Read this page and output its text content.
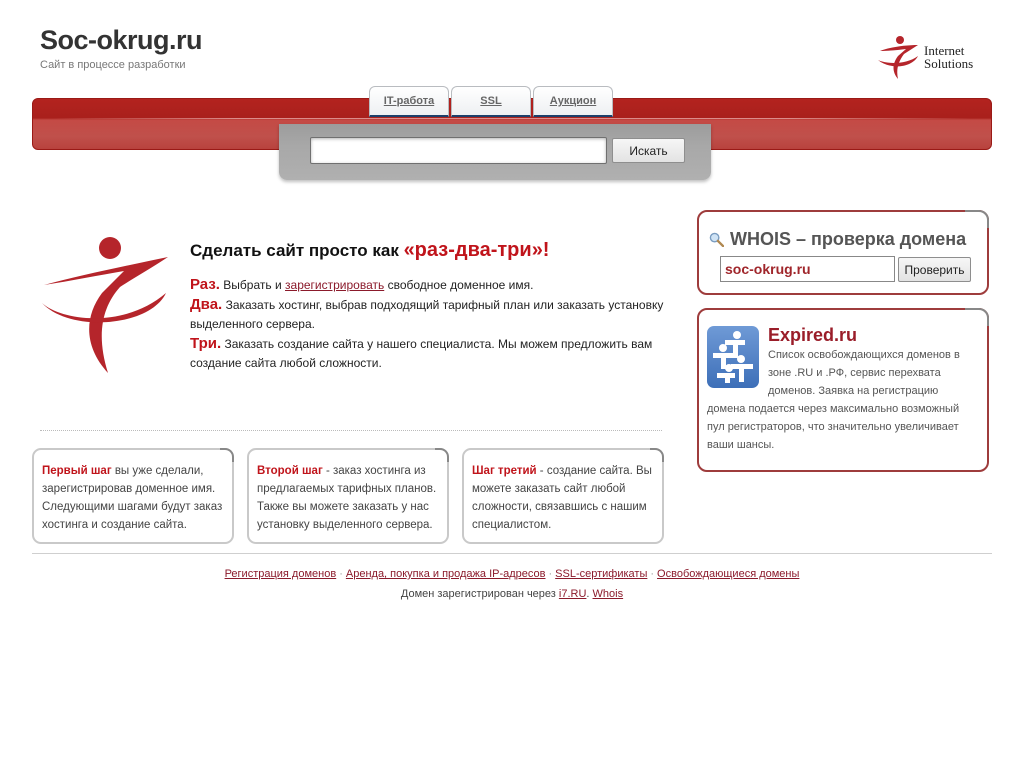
Soc-okrug.ru
Сайт в процессе разработки
Internet
Solutions
IT-работа	SSL	Аукцион
Искать
Сделать сайт просто как «раз-два-три»!
Раз. Выбрать и зарегистрировать свободное доменное имя.
Два. Заказать хостинг, выбрав подходящий тарифный план или заказать установку выделенного сервера.
Три. Заказать создание сайта у нашего специалиста. Мы можем предложить вам создание сайта любой сложности.
Первый шаг вы уже сделали, зарегистрировав доменное имя. Следующими шагами будут заказ хостинга и создание сайта.
Второй шаг - заказ хостинга из предлагаемых тарифных планов. Также вы можете заказать у нас установку выделенного сервера.
Шаг третий - создание сайта. Вы можете заказать сайт любой сложности, связавшись с нашим специалистом.
WHOIS – проверка домена
soc-okrug.ru
Проверить
Expired.ru
Список освобождающихся доменов в зоне .RU и .РФ, сервис перехвата доменов. Заявка на регистрацию домена подается через максимально возможный пул регистраторов, что значительно увеличивает ваши шансы.
Регистрация доменов · Аренда, покупка и продажа IP-адресов · SSL-сертификаты · Освобождающиеся домены
Домен зарегистрирован через i7.RU. Whois
